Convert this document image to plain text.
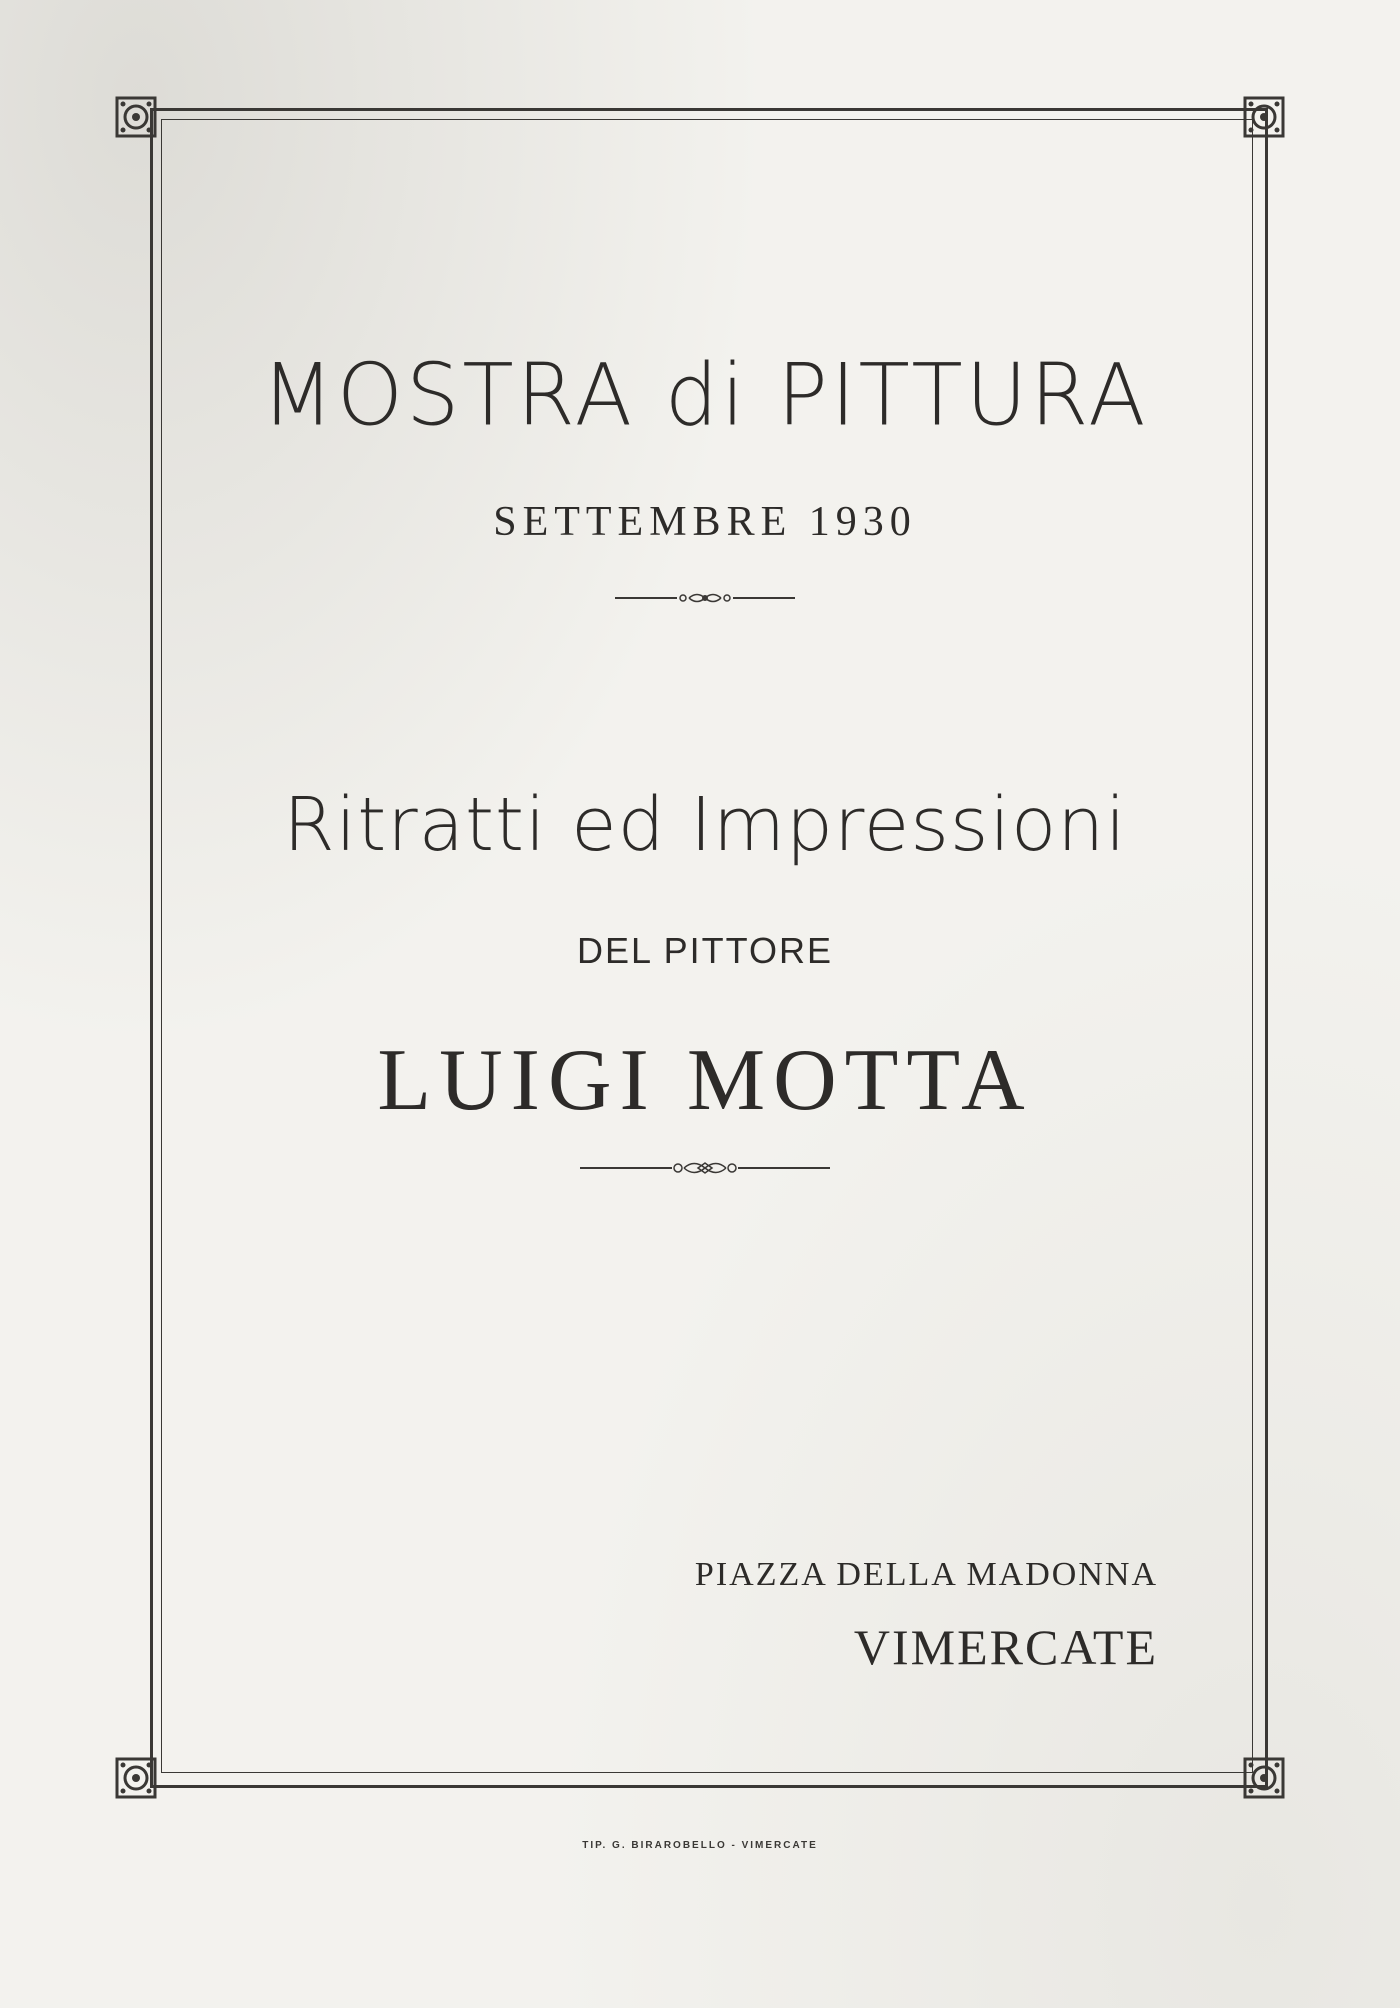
MOSTRA di PITTURA
SETTEMBRE 1930
Ritratti ed Impressioni
DEL PITTORE
LUIGI MOTTA
PIAZZA DELLA MADONNA
VIMERCATE
TIP. G. BIRAROBELLO - VIMERCATE
